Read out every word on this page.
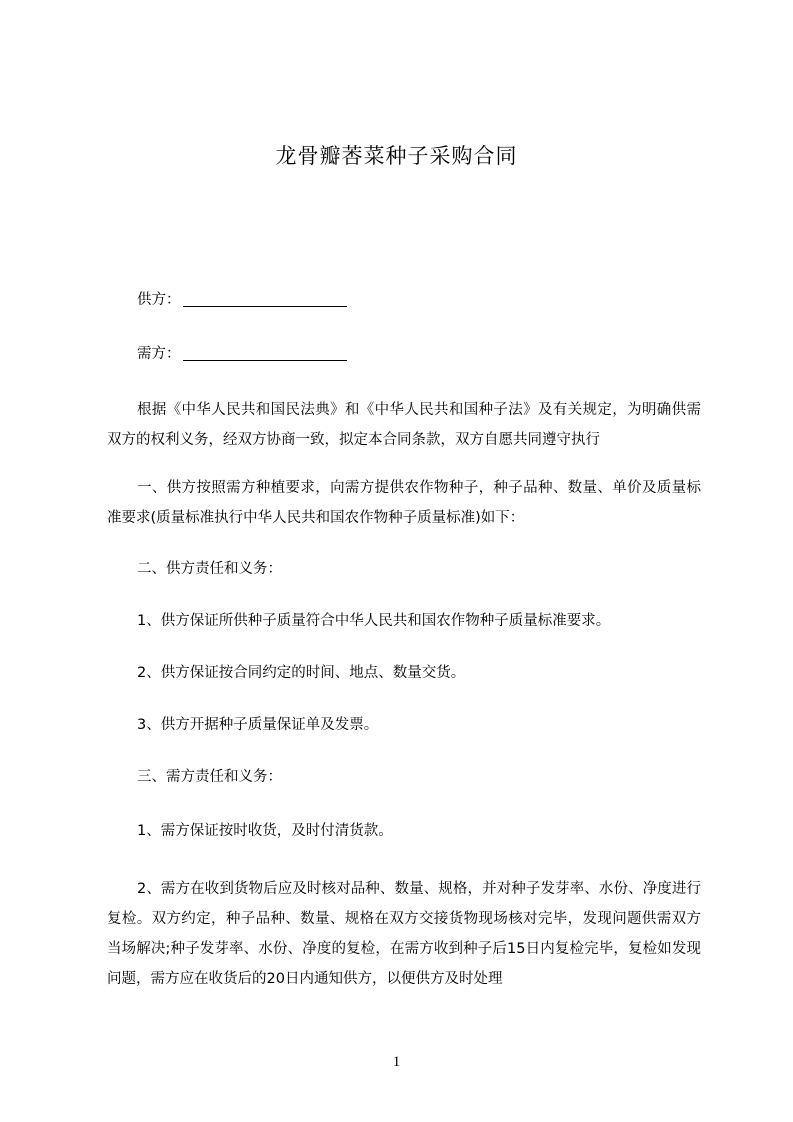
龙骨瓣莕菜种子采购合同
供方：
需方：
根据《中华人民共和国民法典》和《中华人民共和国种子法》及有关规定，为明确供需双方的权利义务，经双方协商一致，拟定本合同条款，双方自愿共同遵守执行
一、供方按照需方种植要求，向需方提供农作物种子，种子品种、数量、单价及质量标准要求(质量标准执行中华人民共和国农作物种子质量标准)如下：
二、供方责任和义务：
1、供方保证所供种子质量符合中华人民共和国农作物种子质量标准要求。
2、供方保证按合同约定的时间、地点、数量交货。
3、供方开据种子质量保证单及发票。
三、需方责任和义务：
1、需方保证按时收货，及时付清货款。
2、需方在收到货物后应及时核对品种、数量、规格，并对种子发芽率、水份、净度进行复检。双方约定，种子品种、数量、规格在双方交接货物现场核对完毕，发现问题供需双方当场解决;种子发芽率、水份、净度的复检，在需方收到种子后15日内复检完毕，复检如发现问题，需方应在收货后的20日内通知供方，以便供方及时处理
1
